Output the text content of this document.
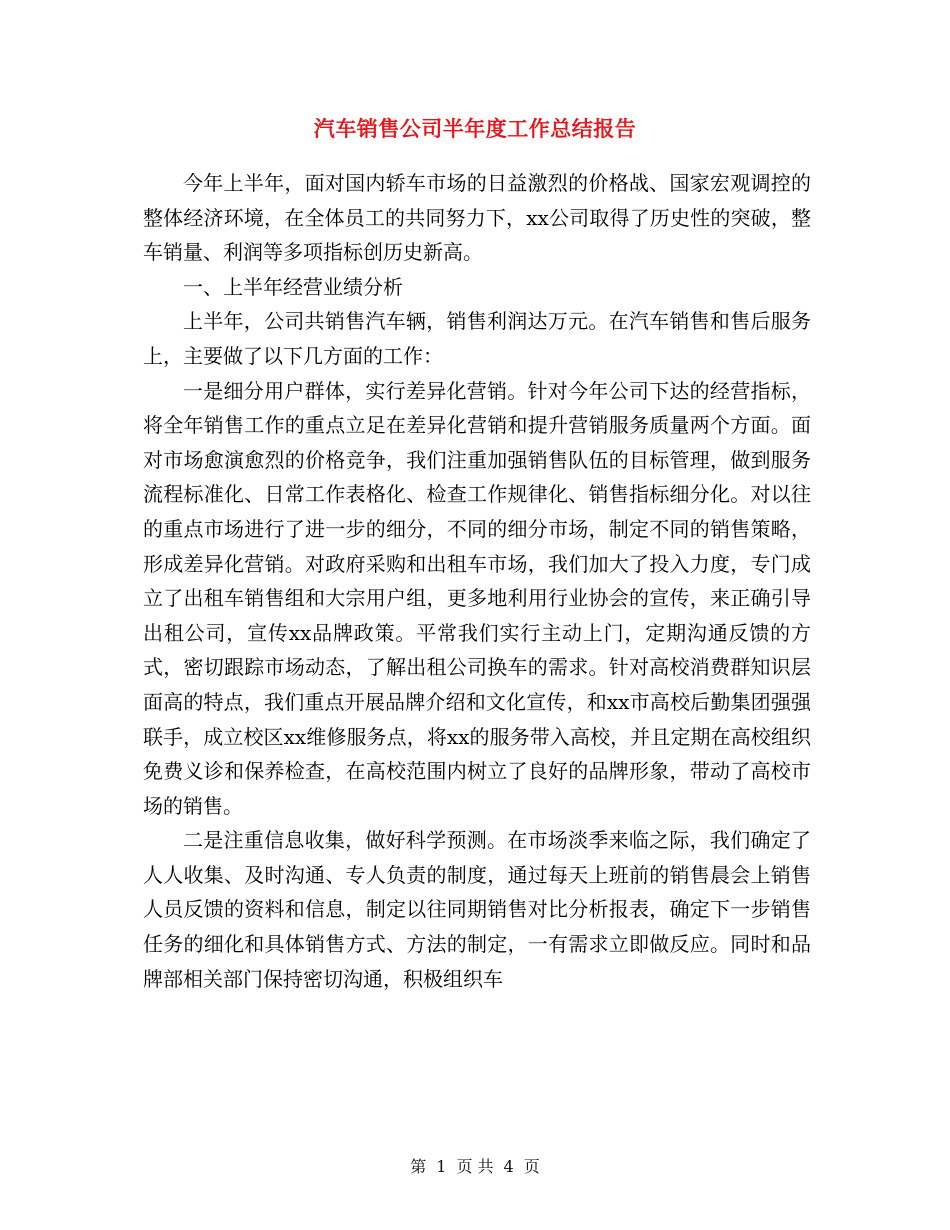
汽车销售公司半年度工作总结报告

今年上半年，面对国内轿车市场的日益激烈的价格战、国家宏观调控的整体经济环境，在全体员工的共同努力下，xx公司取得了历史性的突破，整车销量、利润等多项指标创历史新高。

一、上半年经营业绩分析

上半年，公司共销售汽车辆，销售利润达万元。在汽车销售和售后服务上，主要做了以下几方面的工作：

一是细分用户群体，实行差异化营销。针对今年公司下达的经营指标，将全年销售工作的重点立足在差异化营销和提升营销服务质量两个方面。面对市场愈演愈烈的价格竞争，我们注重加强销售队伍的目标管理，做到服务流程标准化、日常工作表格化、检查工作规律化、销售指标细分化。对以往的重点市场进行了进一步的细分，不同的细分市场，制定不同的销售策略，形成差异化营销。对政府采购和出租车市场，我们加大了投入力度，专门成立了出租车销售组和大宗用户组，更多地利用行业协会的宣传，来正确引导出租公司，宣传xx品牌政策。平常我们实行主动上门，定期沟通反馈的方式，密切跟踪市场动态，了解出租公司换车的需求。针对高校消费群知识层面高的特点，我们重点开展品牌介绍和文化宣传，和xx市高校后勤集团强强联手，成立校区xx维修服务点，将xx的服务带入高校，并且定期在高校组织免费义诊和保养检查，在高校范围内树立了良好的品牌形象，带动了高校市场的销售。

二是注重信息收集，做好科学预测。在市场淡季来临之际，我们确定了人人收集、及时沟通、专人负责的制度，通过每天上班前的销售晨会上销售人员反馈的资料和信息，制定以往同期销售对比分析报表，确定下一步销售任务的细化和具体销售方式、方法的制定，一有需求立即做反应。同时和品牌部相关部门保持密切沟通，积极组织车

第 1 页 共 4 页
